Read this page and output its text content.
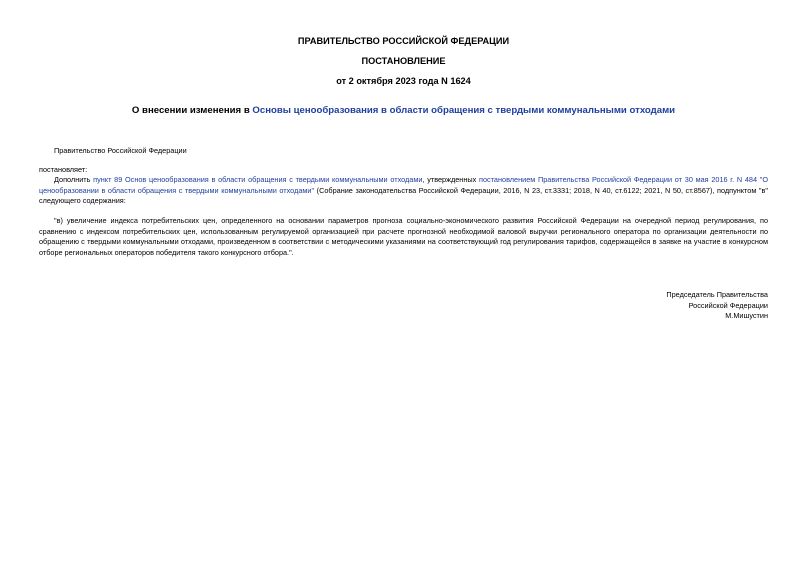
ПРАВИТЕЛЬСТВО РОССИЙСКОЙ ФЕДЕРАЦИИ
ПОСТАНОВЛЕНИЕ
от 2 октября 2023 года N 1624
О внесении изменения в Основы ценообразования в области обращения с твердыми коммунальными отходами
Правительство Российской Федерации
постановляет:
Дополнить пункт 89 Основ ценообразования в области обращения с твердыми коммунальными отходами, утвержденных постановлением Правительства Российской Федерации от 30 мая 2016 г. N 484 "О ценообразовании в области обращения с твердыми коммунальными отходами" (Собрание законодательства Российской Федерации, 2016, N 23, ст.3331; 2018, N 40, ст.6122; 2021, N 50, ст.8567), подпунктом "в" следующего содержания:
"в) увеличение индекса потребительских цен, определенного на основании параметров прогноза социально-экономического развития Российской Федерации на очередной период регулирования, по сравнению с индексом потребительских цен, использованным регулируемой организацией при расчете прогнозной необходимой валовой выручки регионального оператора по организации деятельности по обращению с твердыми коммунальными отходами, произведенном в соответствии с методическими указаниями на соответствующий год регулирования тарифов, содержащейся в заявке на участие в конкурсном отборе региональных операторов победителя такого конкурсного отбора.".
Председатель Правительства
Российской Федерации
М.Мишустин
